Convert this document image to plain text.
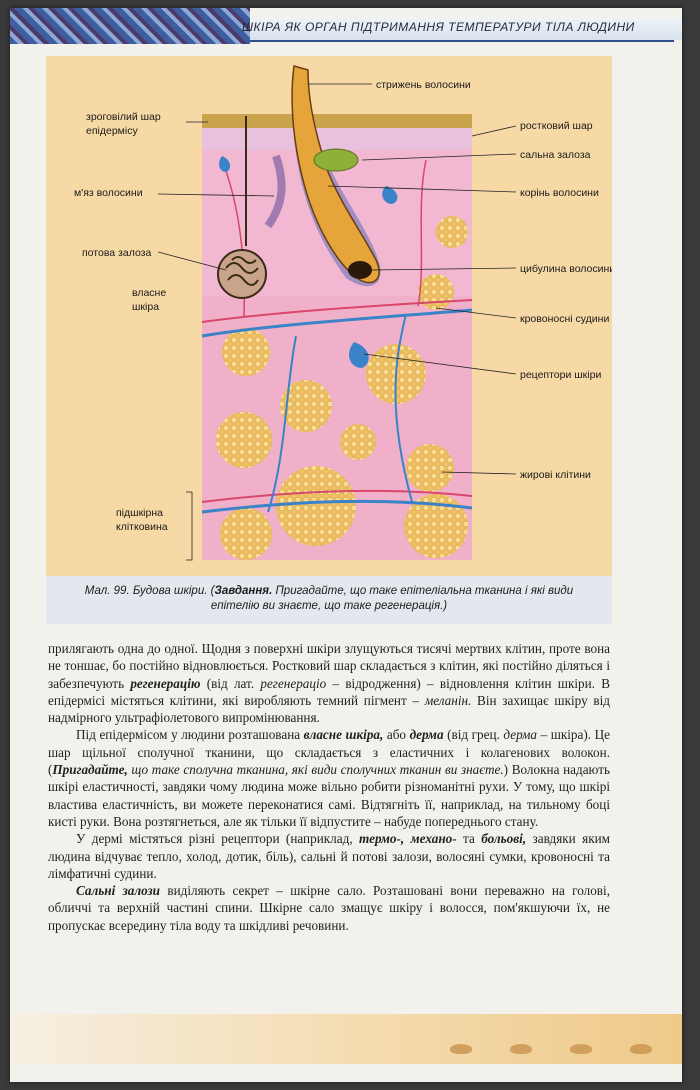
ШКІРА ЯК ОРГАН ПІДТРИМАННЯ ТЕМПЕРАТУРИ ТІЛА ЛЮДИНИ
стрижень волосини
ростковий шар
сальна залоза
корінь волосини
цибулина волосини
кровоносні судини
рецептори шкіри
жирові клітини
зроговілий шар
епідермісу
м'яз волосини
потова залоза
власне
шкіра
підшкірна
клітковина
Мал. 99. Будова шкіри. (Завдання. Пригадайте, що таке епітеліальна тканина і які види епітелію ви знаєте, що таке регенерація.)

прилягають одна до одної. Щодня з поверхні шкіри злущуються тисячі мертвих клітин, проте вона не тоншає, бо постійно відновлюється. Ростковий шар складається з клітин, які постійно діляться і забезпечують регенерацію (від лат. регенераціо – відродження) – відновлення клітин шкіри. В епідермісі містяться клітини, які виробляють темний пігмент – меланін. Він захищає шкіру від надмірного ультрафіолетового випромінювання.

Під епідермісом у людини розташована власне шкіра, або дерма (від грец. дерма – шкіра). Це шар щільної сполучної тканини, що складається з еластичних і колагенових волокон. (Пригадайте, що таке сполучна тканина, які види сполучних тканин ви знаєте.) Волокна надають шкірі еластичності, завдяки чому людина може вільно робити різноманітні рухи. У тому, що шкірі властива еластичність, ви можете переконатися самі. Відтягніть її, наприклад, на тильному боці кисті руки. Вона розтягнеться, але як тільки її відпустите – набуде попереднього стану.

У дермі містяться різні рецептори (наприклад, термо-, механо- та больові, завдяки яким людина відчуває тепло, холод, дотик, біль), сальні й потові залози, волосяні сумки, кровоносні та лімфатичні судини.

Сальні залози виділяють секрет – шкірне сало. Розташовані вони переважно на голові, обличчі та верхній частині спини. Шкірне сало змащує шкіру і волосся, пом'якшуючи їх, не пропускає всередину тіла воду та шкідливі речовини.
